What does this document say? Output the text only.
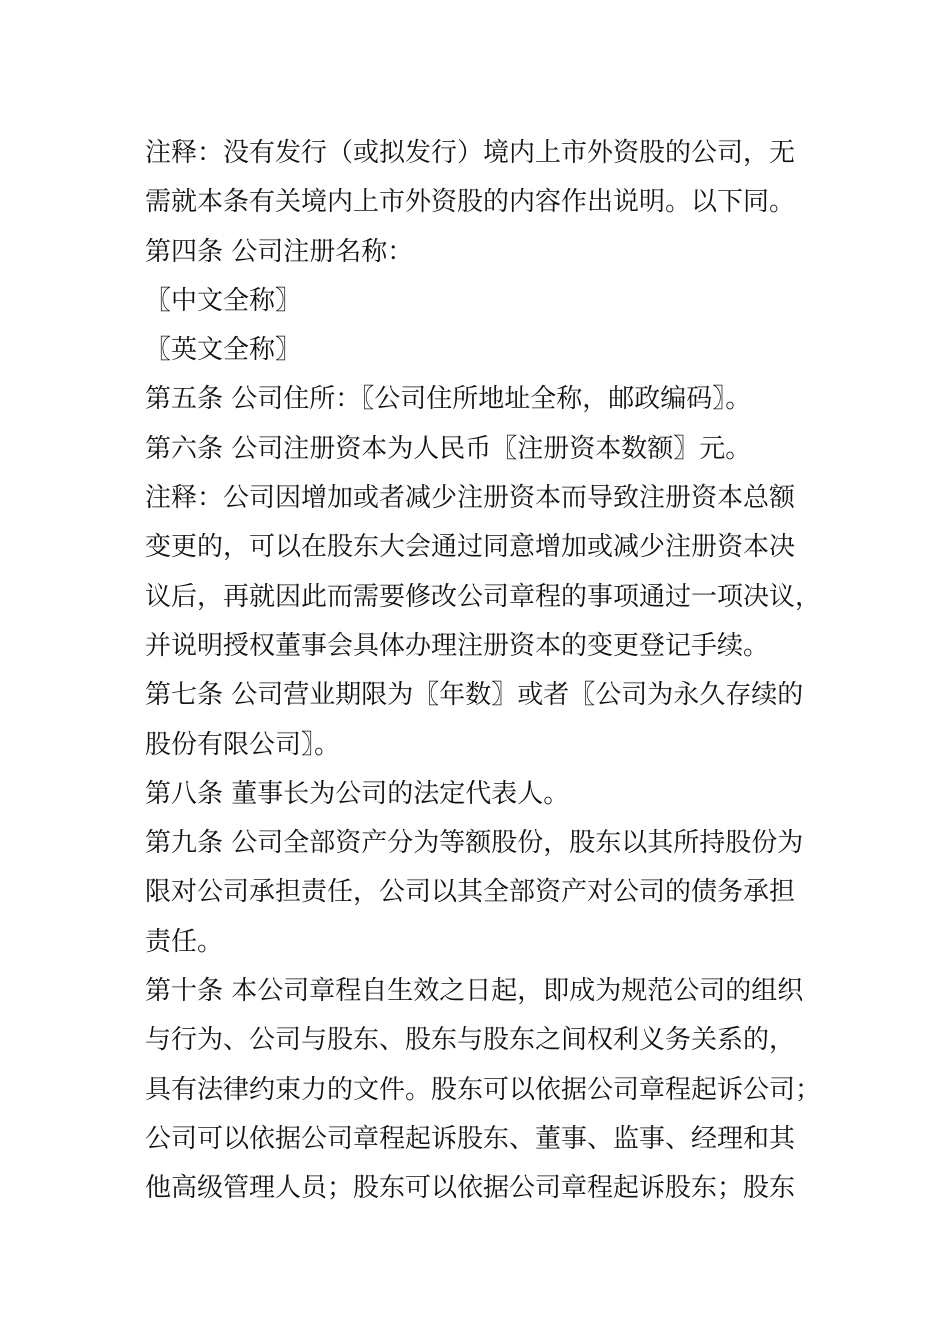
注释：没有发行（或拟发行）境内上市外资股的公司，无
需就本条有关境内上市外资股的内容作出说明。以下同。
第四条 公司注册名称：
〖中文全称〗
〖英文全称〗
第五条 公司住所：〖公司住所地址全称，邮政编码〗。
第六条 公司注册资本为人民币〖注册资本数额〗元。
注释：公司因增加或者减少注册资本而导致注册资本总额
变更的，可以在股东大会通过同意增加或减少注册资本决
议后，再就因此而需要修改公司章程的事项通过一项决议，
并说明授权董事会具体办理注册资本的变更登记手续。
第七条 公司营业期限为〖年数〗或者〖公司为永久存续的
股份有限公司〗。
第八条 董事长为公司的法定代表人。
第九条 公司全部资产分为等额股份，股东以其所持股份为
限对公司承担责任，公司以其全部资产对公司的债务承担
责任。
第十条 本公司章程自生效之日起，即成为规范公司的组织
与行为、公司与股东、股东与股东之间权利义务关系的，
具有法律约束力的文件。股东可以依据公司章程起诉公司；
公司可以依据公司章程起诉股东、董事、监事、经理和其
他高级管理人员；股东可以依据公司章程起诉股东；股东
